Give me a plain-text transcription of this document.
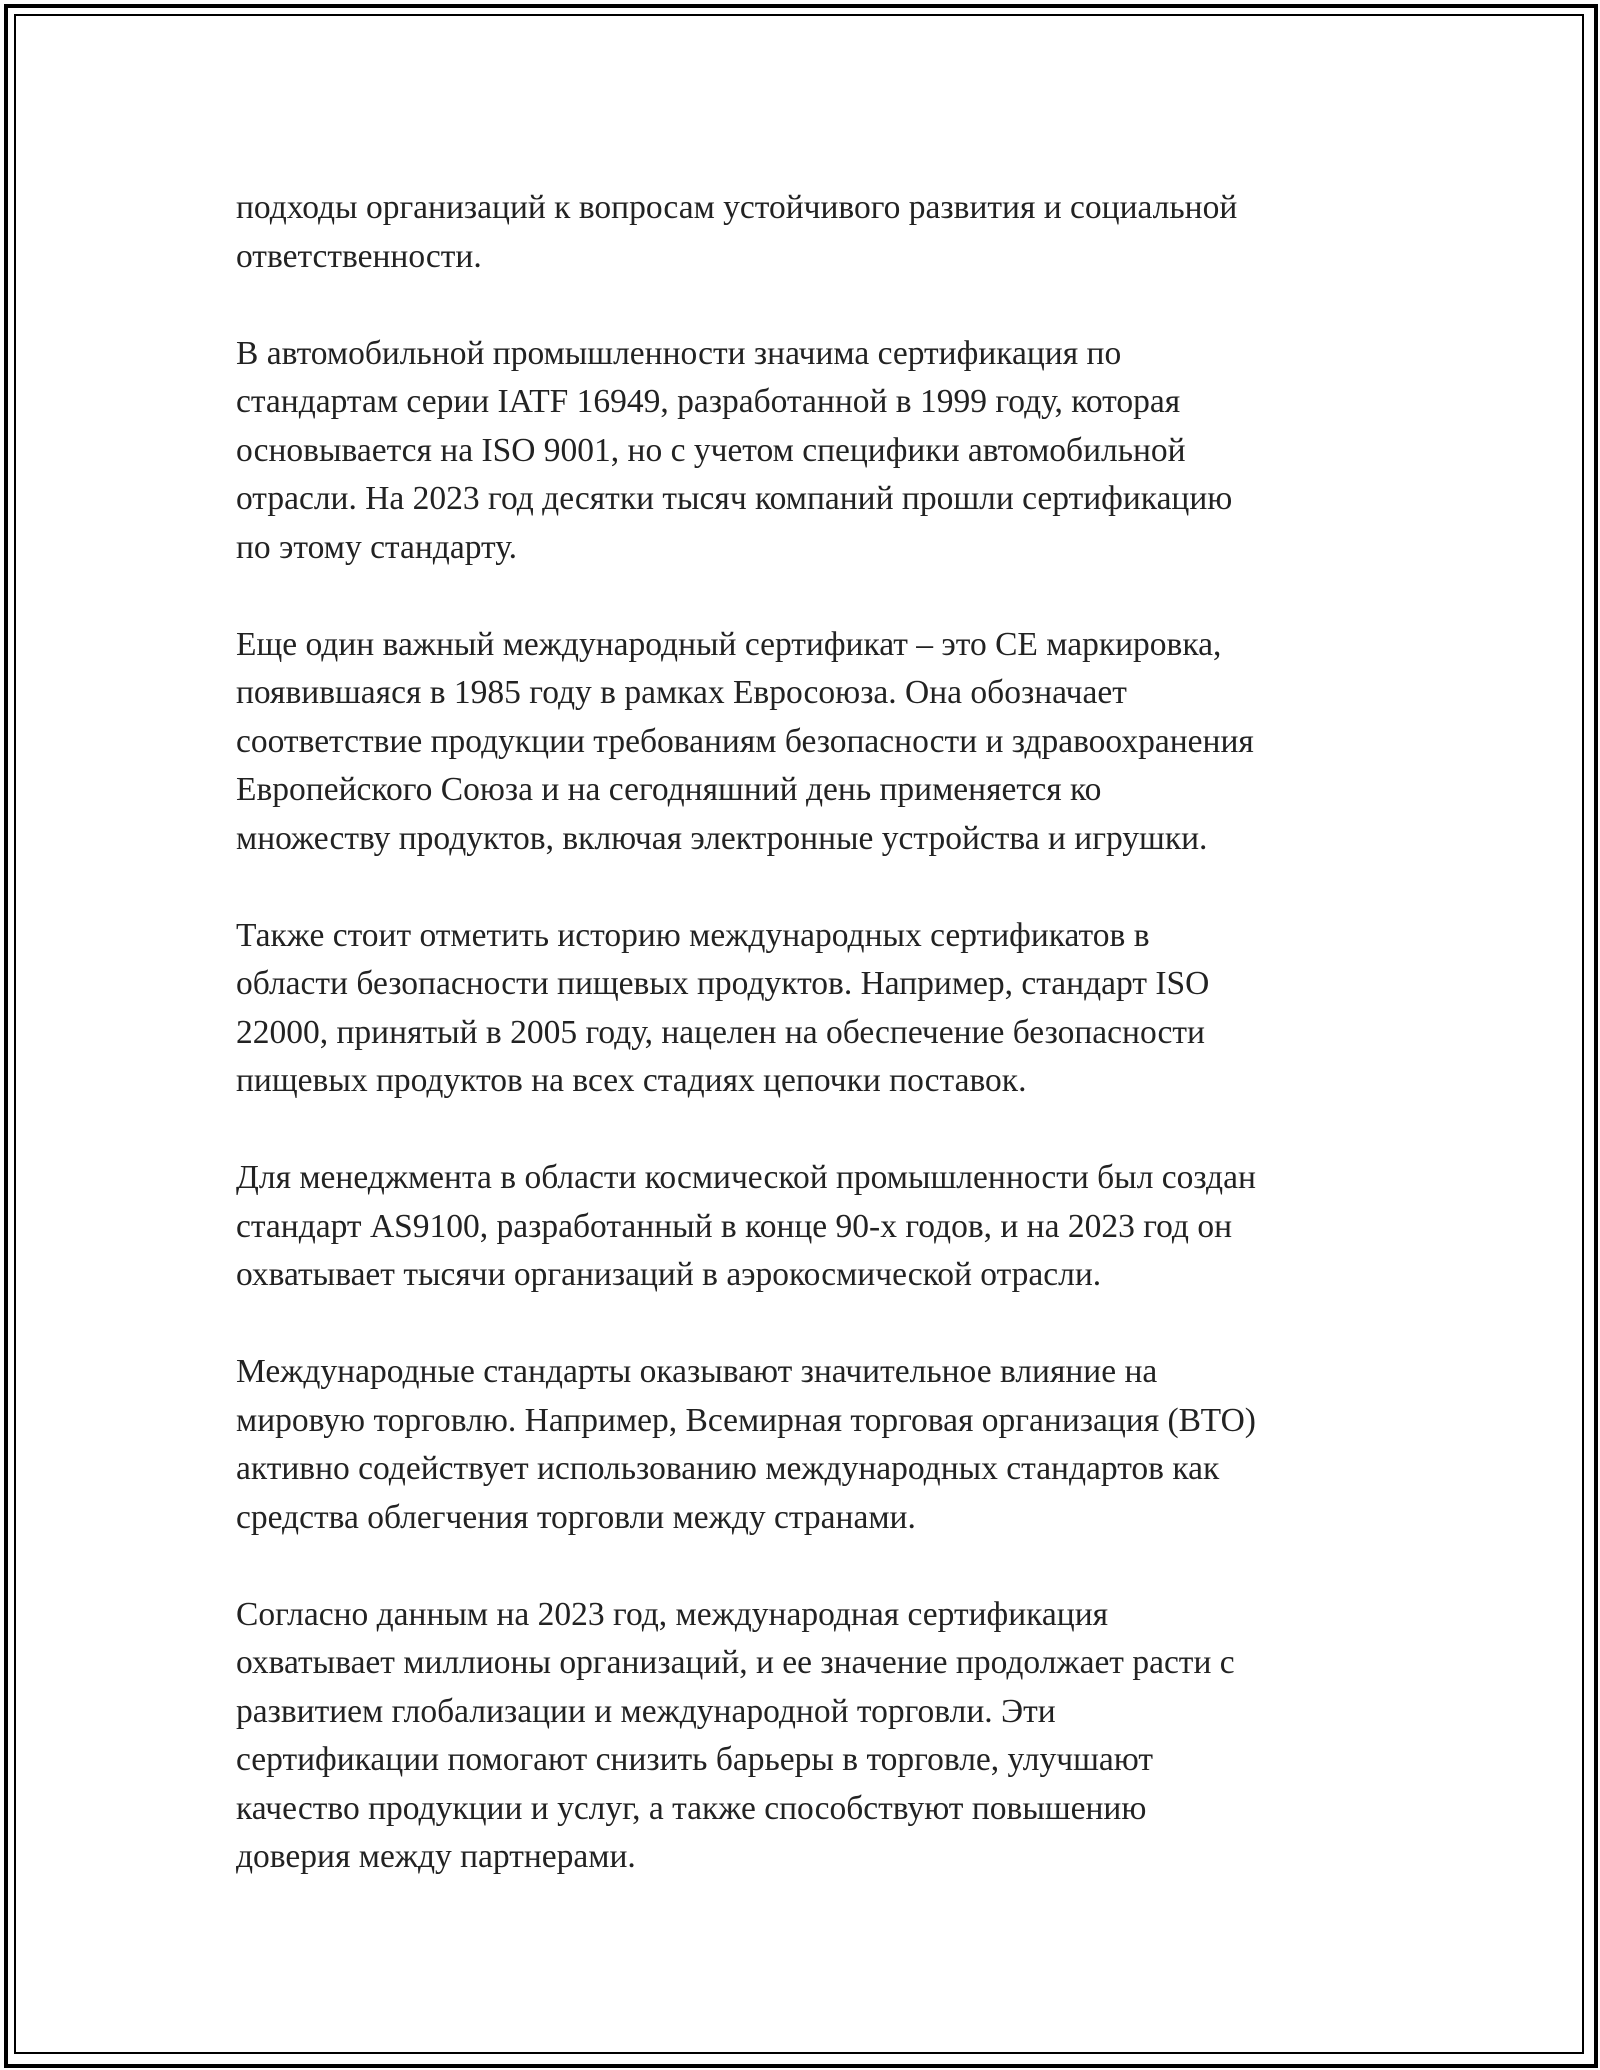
подходы организаций к вопросам устойчивого развития и социальной
ответственности.

В автомобильной промышленности значима сертификация по
стандартам серии IATF 16949, разработанной в 1999 году, которая
основывается на ISO 9001, но с учетом специфики автомобильной
отрасли. На 2023 год десятки тысяч компаний прошли сертификацию
по этому стандарту.

Еще один важный международный сертификат – это CE маркировка,
появившаяся в 1985 году в рамках Евросоюза. Она обозначает
соответствие продукции требованиям безопасности и здравоохранения
Европейского Союза и на сегодняшний день применяется ко
множеству продуктов, включая электронные устройства и игрушки.

Также стоит отметить историю международных сертификатов в
области безопасности пищевых продуктов. Например, стандарт ISO
22000, принятый в 2005 году, нацелен на обеспечение безопасности
пищевых продуктов на всех стадиях цепочки поставок.

Для менеджмента в области космической промышленности был создан
стандарт AS9100, разработанный в конце 90-х годов, и на 2023 год он
охватывает тысячи организаций в аэрокосмической отрасли.

Международные стандарты оказывают значительное влияние на
мировую торговлю. Например, Всемирная торговая организация (ВТО)
активно содействует использованию международных стандартов как
средства облегчения торговли между странами.

Согласно данным на 2023 год, международная сертификация
охватывает миллионы организаций, и ее значение продолжает расти с
развитием глобализации и международной торговли. Эти
сертификации помогают снизить барьеры в торговле, улучшают
качество продукции и услуг, а также способствуют повышению
доверия между партнерами.
